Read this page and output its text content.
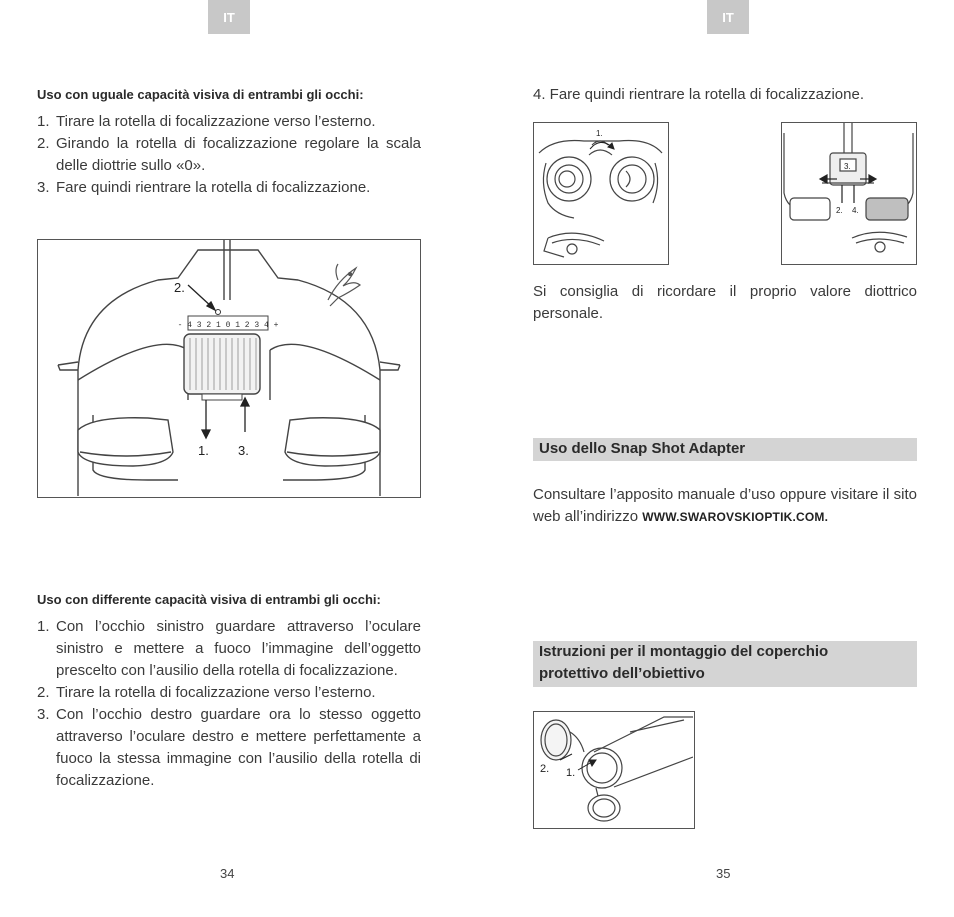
IT
Uso con uguale capacità visiva di entrambi gli occhi:
1. Tirare la rotella di focalizzazione verso l’esterno.
2. Girando la rotella di focalizzazione regolare la scala delle diottrie sullo «0».
3. Fare quindi rientrare la rotella di focalizzazione.
- 4 3 2 1 0 1 2 3 4 +
2.
1. 3.
Uso con differente capacità visiva di entrambi gli occhi:
1. Con l’occhio sinistro guardare attraverso l’oculare sinistro e mettere a fuoco l’immagine dell’oggetto prescelto con l’ausilio della rotella di focalizzazione.
2. Tirare la rotella di focalizzazione verso l’esterno.
3. Con l’occhio destro guardare ora lo stesso oggetto attraverso l’oculare destro e mettere perfettamente a fuoco la stessa immagine con l’ausilio della rotella di focalizzazione.
34
IT

4. Fare quindi rientrare la rotella di focalizzazione.

1.
3.
2. 4.

Si consiglia di ricordare il proprio valore diottrico personale.

Uso dello Snap Shot Adapter

Consultare l’apposito manuale d’uso oppure visitare il sito web all’indirizzo WWW.SWAROVSKIOPTIK.COM.

Istruzioni per il montaggio del coperchio
protettivo dell’obiettivo
2. 1.
35
